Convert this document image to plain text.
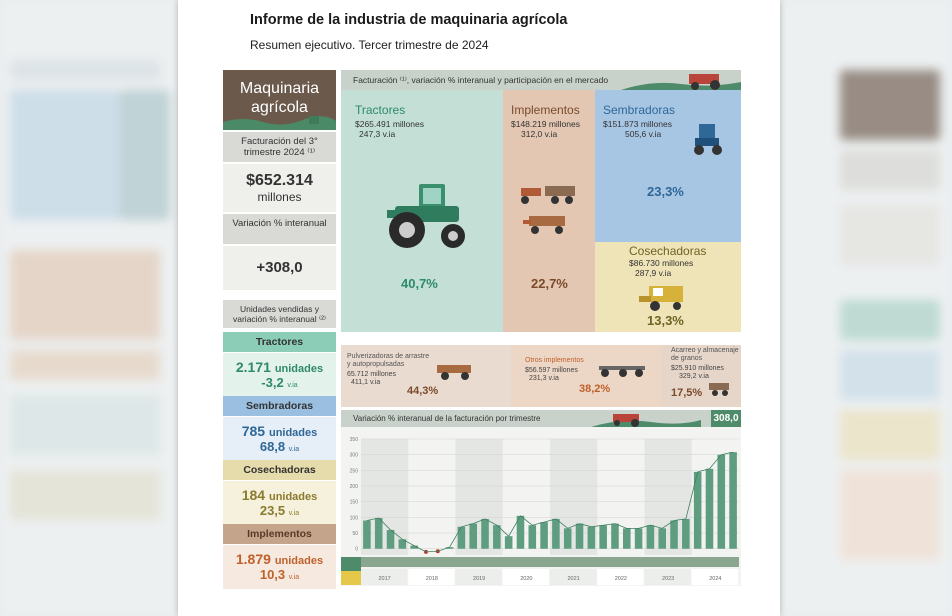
Informe de la industria de maquinaria agrícola
Resumen ejecutivo. Tercer trimestre de 2024
Maquinaria agrícola
Facturación del 3° trimestre 2024 ⁽¹⁾
$652.314
millones
Variación % interanual
+308,0
Unidades vendidas y variación % interanual ⁽²⁾
Tractores
2.171 unidades
-3,2 v.ia
Sembradoras
785 unidades
68,8 v.ia
Cosechadoras
184 unidades
23,5 v.ia
Implementos
1.879 unidades
10,3 v.ia
Facturación ⁽¹⁾, variación % interanual y participación en el mercado
Tractores
$265.491 millones
247,3 v.ia
40,7%
Implementos
$148.219 millones
312,0 v.ia
22,7%
Sembradoras
$151.873 millones
505,6 v.ia
23,3%
Cosechadoras
$86.730 millones
287,9 v.ia
13,3%
Pulverizadoras de arrastre y autopropulsadas
65.712 millones
411,1 v.ia
44,3%
Otros implementos
$56.597 millones
231,3 v.ia
38,2%
Acarreo y almacenaje de granos
$25.910 millones
329,2 v.ia
17,5%
Variación % interanual de la facturación por trimestre	308,0
350
300
250
200
150
100
50
0
2017	2018	2019	2020	2021	2022	2023	2024
